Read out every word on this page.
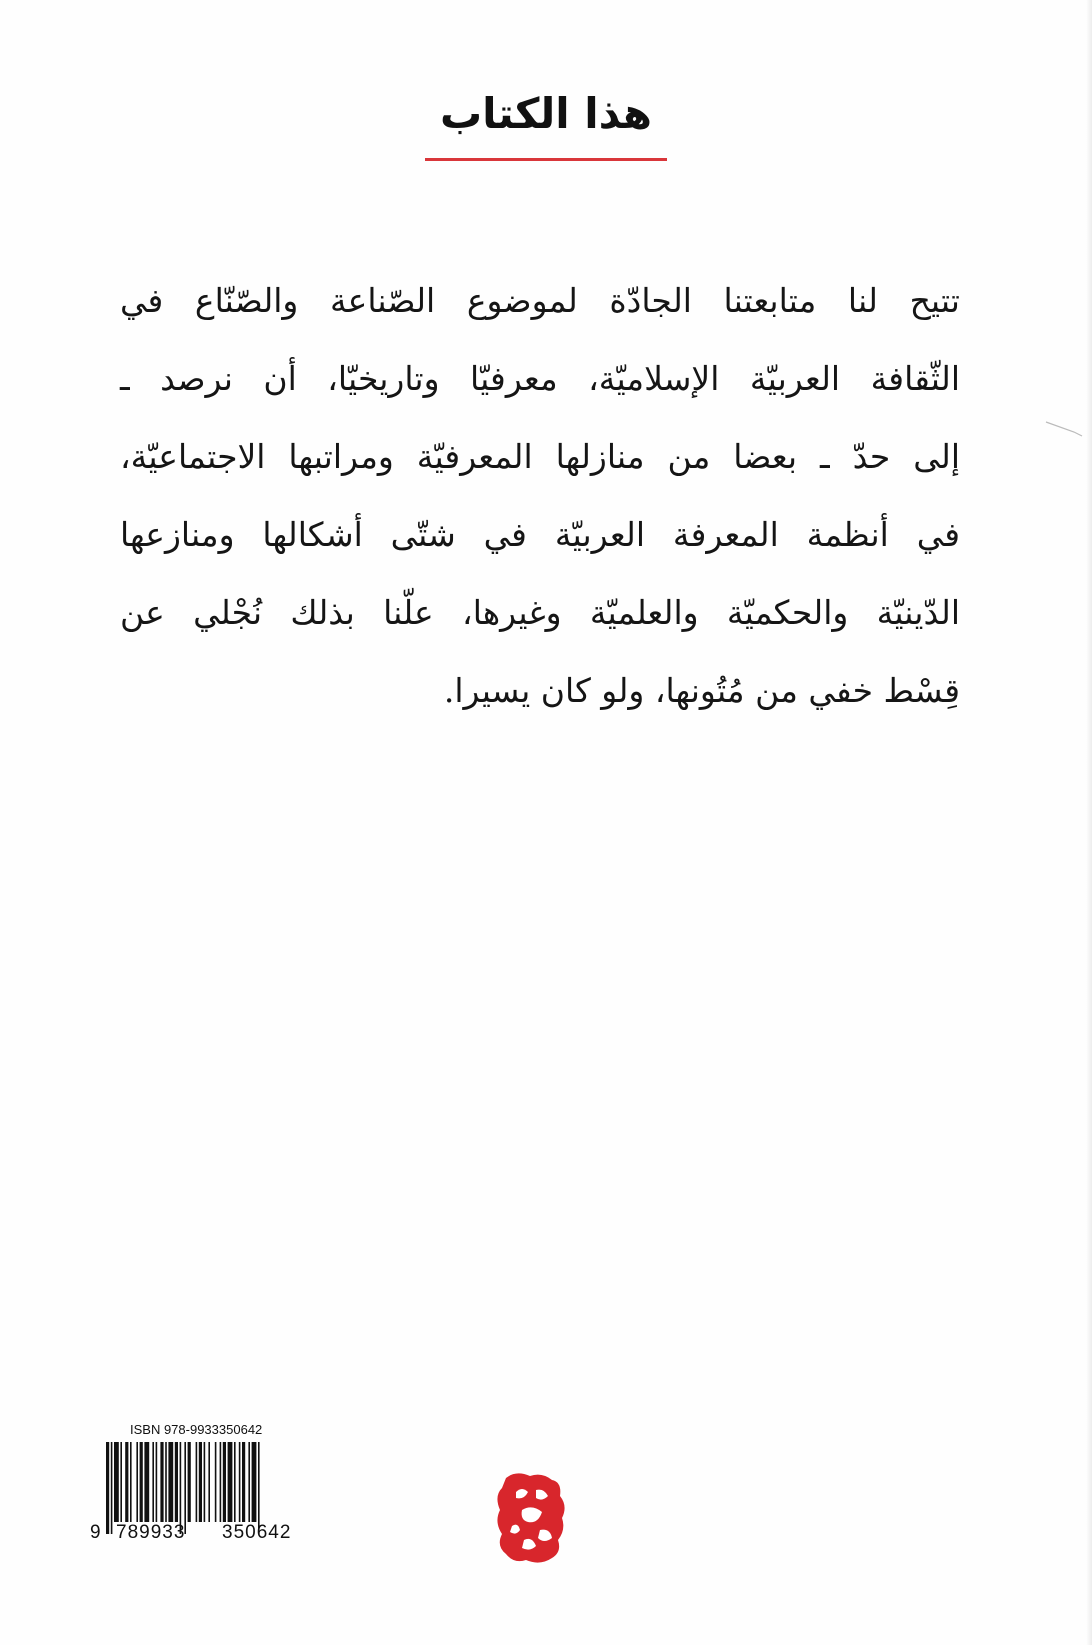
هذا الكتاب
تتيح لنا متابعتنا الجادّة لموضوع الصّناعة والصّنّاع في
الثّقافة العربيّة الإسلاميّة، معرفيّا وتاريخيّا، أن نرصد ـ
إلى حدّ ـ بعضا من منازلها المعرفيّة ومراتبها الاجتماعيّة،
في أنظمة المعرفة العربيّة في شتّى أشكالها ومنازعها
الدّينيّة والحكميّة والعلميّة وغيرها، علّنا بذلك نُجْلي عن
قِسْط خفي من مُتُونها، ولو كان يسيرا.
ISBN 978-9933350642
9 789933 350642
